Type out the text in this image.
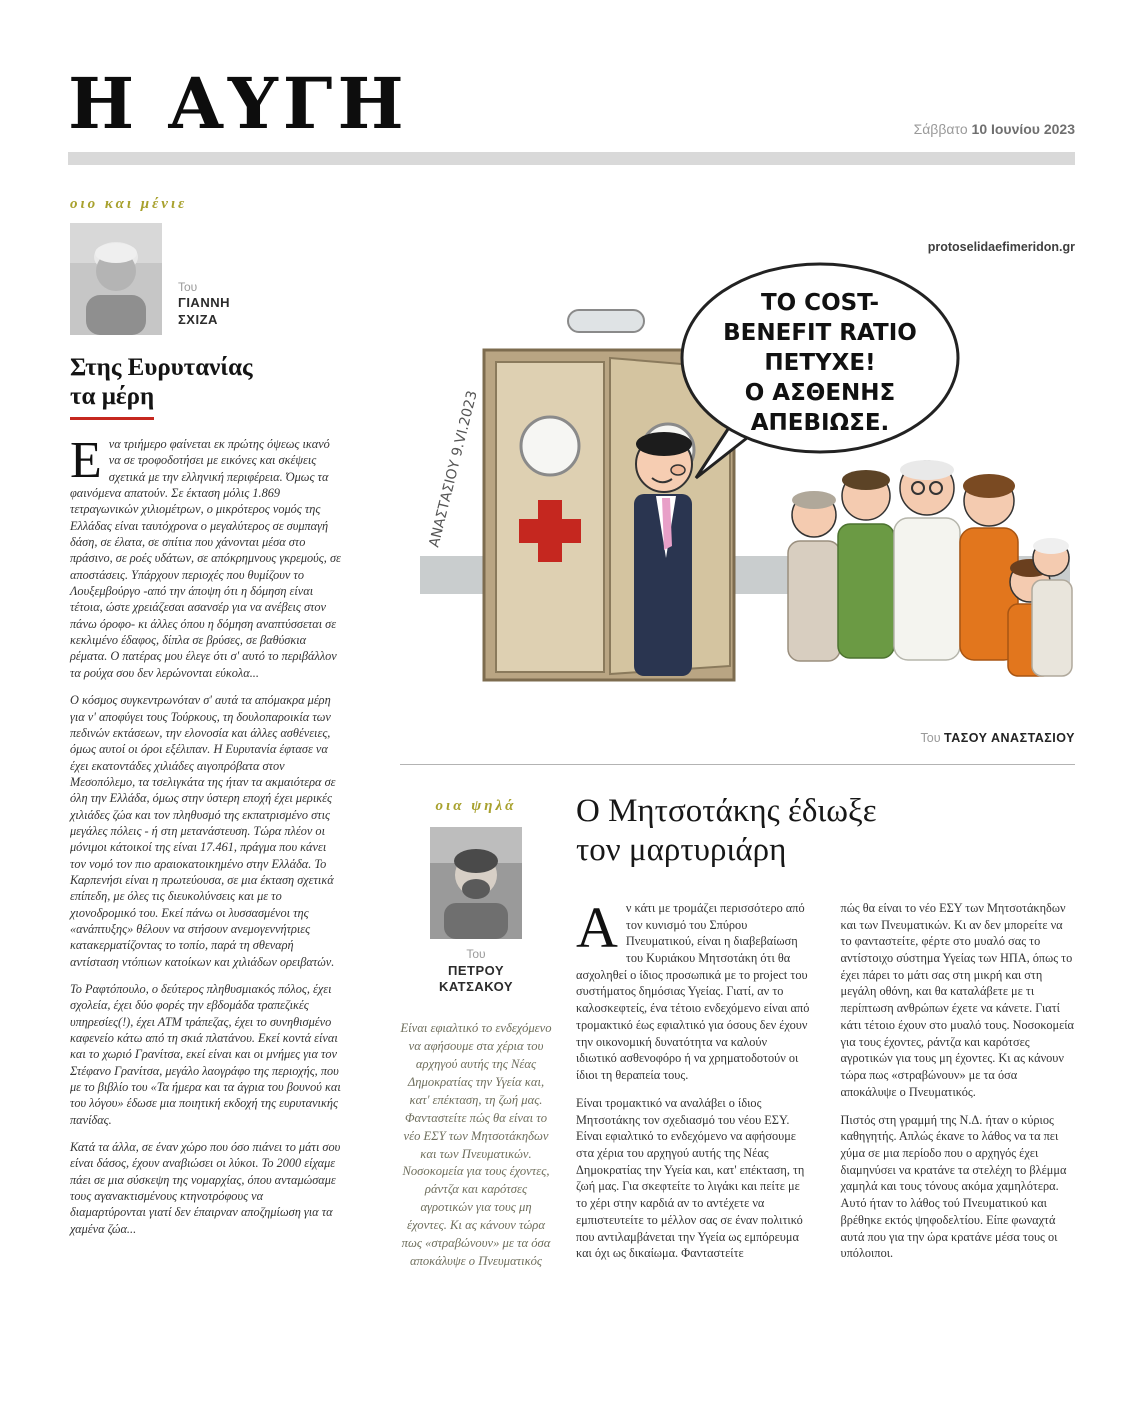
Η ΑΥΓΗ	Σάββατο 10 Ιουνίου 2023
οιο και μένιε
Του
ΓΙΑΝΝΗ
ΣΧΙΖΑ
Στης Ευρυτανίας
τα μέρη

Ενα τριήμερο φαίνεται εκ πρώτης όψεως ικανό να σε τροφοδοτήσει με εικόνες και σκέψεις σχετικά με την ελληνική περιφέρεια. Όμως τα φαινόμενα απατούν. Σε έκταση μόλις 1.869 τετραγωνικών χιλιομέτρων, ο μικρότερος νομός της Ελλάδας είναι ταυτόχρονα ο μεγαλύτερος σε συμπαγή δάση, σε έλατα, σε σπίτια που χάνονται μέσα στο πράσινο, σε ροές υδάτων, σε απόκρημνους γκρεμούς, σε αποστάσεις. Υπάρχουν περιοχές που θυμίζουν το Λουξεμβούργο -από την άποψη ότι η δόμηση είναι τέτοια, ώστε χρειάζεσαι ασανσέρ για να ανέβεις στον πάνω όροφο- κι άλλες όπου η δόμηση αναπτύσσεται σε κεκλιμένο έδαφος, δίπλα σε βρύσες, σε βαθύσκια ρέματα. Ο πατέρας μου έλεγε ότι σ' αυτό το περιβάλλον τα ρούχα σου δεν λερώνονται εύκολα...

Ο κόσμος συγκεντρωνόταν σ' αυτά τα απόμακρα μέρη για ν' αποφύγει τους Τούρκους, τη δουλοπαροικία των πεδινών εκτάσεων, την ελονοσία και άλλες ασθένειες, όμως αυτοί οι όροι εξέλιπαν. Η Ευρυτανία έφτασε να έχει εκατοντάδες χιλιάδες αιγοπρόβατα στον Μεσοπόλεμο, τα τσελιγκάτα της ήταν τα ακμαιότερα σε όλη την Ελλάδα, όμως στην ύστερη εποχή έχει μερικές χιλιάδες ζώα και τον πληθυσμό της εκπατρισμένο στις μεγάλες πόλεις - ή στη μετανάστευση. Τώρα πλέον οι μόνιμοι κάτοικοί της είναι 17.461, πράγμα που κάνει τον νομό τον πιο αραιοκατοικημένο στην Ελλάδα. Το Καρπενήσι είναι η πρωτεύουσα, σε μια έκταση σχετικά επίπεδη, με όλες τις διευκολύνσεις και με το χιονοδρομικό του. Εκεί πάνω οι λυσσασμένοι της «ανάπτυξης» θέλουν να στήσουν ανεμογεννήτριες κατακερματίζοντας το τοπίο, παρά τη σθεναρή αντίσταση ντόπιων κατοίκων και χιλιάδων ορειβατών.

Το Ραφτόπουλο, ο δεύτερος πληθυσμιακός πόλος, έχει σχολεία, έχει δύο φορές την εβδομάδα τραπεζικές υπηρεσίες(!), έχει ΑΤΜ τράπεζας, έχει το συνηθισμένο καφενείο κάτω από τη σκιά πλατάνου. Εκεί κοντά είναι και το χωριό Γρανίτσα, εκεί είναι και οι μνήμες για τον Στέφανο Γρανίτσα, μεγάλο λαογράφο της περιοχής, που με το βιβλίο του «Τα ήμερα και τα άγρια του βουνού και του λόγου» έδωσε μια ποιητική εκδοχή της ευρυτανικής πανίδας.

Κατά τα άλλα, σε έναν χώρο που όσο πιάνει το μάτι σου είναι δάσος, έχουν αναβιώσει οι λύκοι. Το 2000 είχαμε πάει σε μια σύσκεψη της νομαρχίας, όπου ανταμώσαμε τους αγανακτισμένους κτηνοτρόφους να διαμαρτύρονται γιατί δεν έπαιρναν αποζημίωση για τα χαμένα ζώα...

protoselidaefimeridon.gr
ΤΟ COST-
BENEFIT RATIO
ΠΕΤΥΧΕ!
Ο ΑΣΘΕΝΗΣ
ΑΠΕΒΙΩΣΕ.
ΑΝΑΣΤΑΣΙΟΥ 9.VI.2023
Του ΤΑΣΟΥ ΑΝΑΣΤΑΣΙΟΥ
οια ψηλά
Του
ΠΕΤΡΟΥ
ΚΑΤΣΑΚΟΥ
Είναι εφιαλτικό το ενδεχόμενο να αφήσουμε στα χέρια του αρχηγού αυτής της Νέας Δημοκρατίας την Υγεία και, κατ' επέκταση, τη ζωή μας. Φανταστείτε πώς θα είναι το νέο ΕΣΥ των Μητσοτάκηδων και των Πνευματικών. Νοσοκομεία για τους έχοντες, ράντζα και καρότσες αγροτικών για τους μη έχοντες. Κι ας κάνουν τώρα πως «στραβώνουν» με τα όσα αποκάλυψε ο Πνευματικός
Ο Μητσοτάκης έδιωξε
τον μαρτυριάρη

Αν κάτι με τρομάζει περισσότερο από τον κυνισμό του Σπύρου Πνευματικού, είναι η διαβεβαίωση του Κυριάκου Μητσοτάκη ότι θα ασχοληθεί ο ίδιος προσωπικά με το project του συστήματος δημόσιας Υγείας. Γιατί, αν το καλοσκεφτείς, ένα τέτοιο ενδεχόμενο είναι από τρομακτικό έως εφιαλτικό για όσους δεν έχουν την οικονομική δυνατότητα να καλούν ιδιωτικό ασθενοφόρο ή να χρηματοδοτούν οι ίδιοι τη θεραπεία τους.

Είναι τρομακτικό να αναλάβει ο ίδιος Μητσοτάκης τον σχεδιασμό του νέου ΕΣΥ. Είναι εφιαλτικό το ενδεχόμενο να αφήσουμε στα χέρια του αρχηγού αυτής της Νέας Δημοκρατίας την Υγεία και, κατ' επέκταση, τη ζωή μας. Για σκεφτείτε το λιγάκι και πείτε με το χέρι στην καρδιά αν το αντέχετε να εμπιστευτείτε το μέλλον σας σε έναν πολιτικό που αντιλαμβάνεται την Υγεία ως εμπόρευμα και όχι ως δικαίωμα. Φανταστείτε

πώς θα είναι το νέο ΕΣΥ των Μητσοτάκηδων και των Πνευματικών. Κι αν δεν μπορείτε να το φανταστείτε, φέρτε στο μυαλό σας το αντίστοιχο σύστημα Υγείας των ΗΠΑ, όπως το έχει πάρει το μάτι σας στη μικρή και στη μεγάλη οθόνη, και θα καταλάβετε με τι περίπτωση ανθρώπων έχετε να κάνετε. Γιατί κάτι τέτοιο έχουν στο μυαλό τους. Νοσοκομεία για τους έχοντες, ράντζα και καρότσες αγροτικών για τους μη έχοντες. Κι ας κάνουν τώρα πως «στραβώνουν» με τα όσα αποκάλυψε ο Πνευματικός.

Πιστός στη γραμμή της Ν.Δ. ήταν ο κύριος καθηγητής. Απλώς έκανε το λάθος να τα πει χύμα σε μια περίοδο που ο αρχηγός έχει διαμηνύσει να κρατάνε τα στελέχη το βλέμμα χαμηλά και τους τόνους ακόμα χαμηλότερα. Αυτό ήταν το λάθος τού Πνευματικού και βρέθηκε εκτός ψηφοδελτίου. Είπε φωναχτά αυτά που για την ώρα κρατάνε μέσα τους οι υπόλοιποι.
